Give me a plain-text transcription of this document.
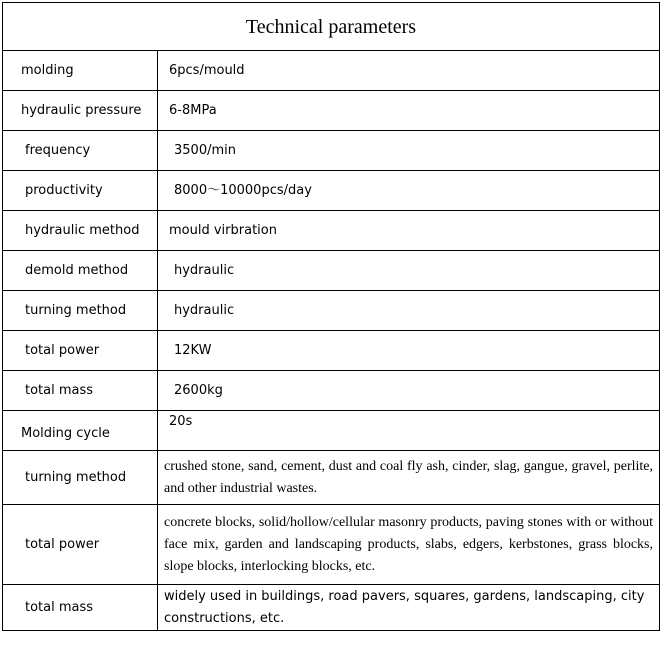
Technical parameters	
molding	6pcs/mould
hydraulic pressure	6-8MPa
frequency	3500/min
productivity	8000～10000pcs/day
hydraulic method	mould virbration
demold method	hydraulic
turning method	hydraulic
total power	12KW
total mass	2600kg
Molding cycle	20s
turning method	crushed stone, sand, cement, dust and coal fly ash, cinder, slag, gangue, gravel, perlite, and other industrial wastes.
total power	concrete blocks, solid/hollow/cellular masonry products, paving stones with or without face mix, garden and landscaping products, slabs, edgers, kerbstones, grass blocks, slope blocks, interlocking blocks, etc.
total mass	widely used in buildings, road pavers, squares, gardens, landscaping, city constructions, etc.
